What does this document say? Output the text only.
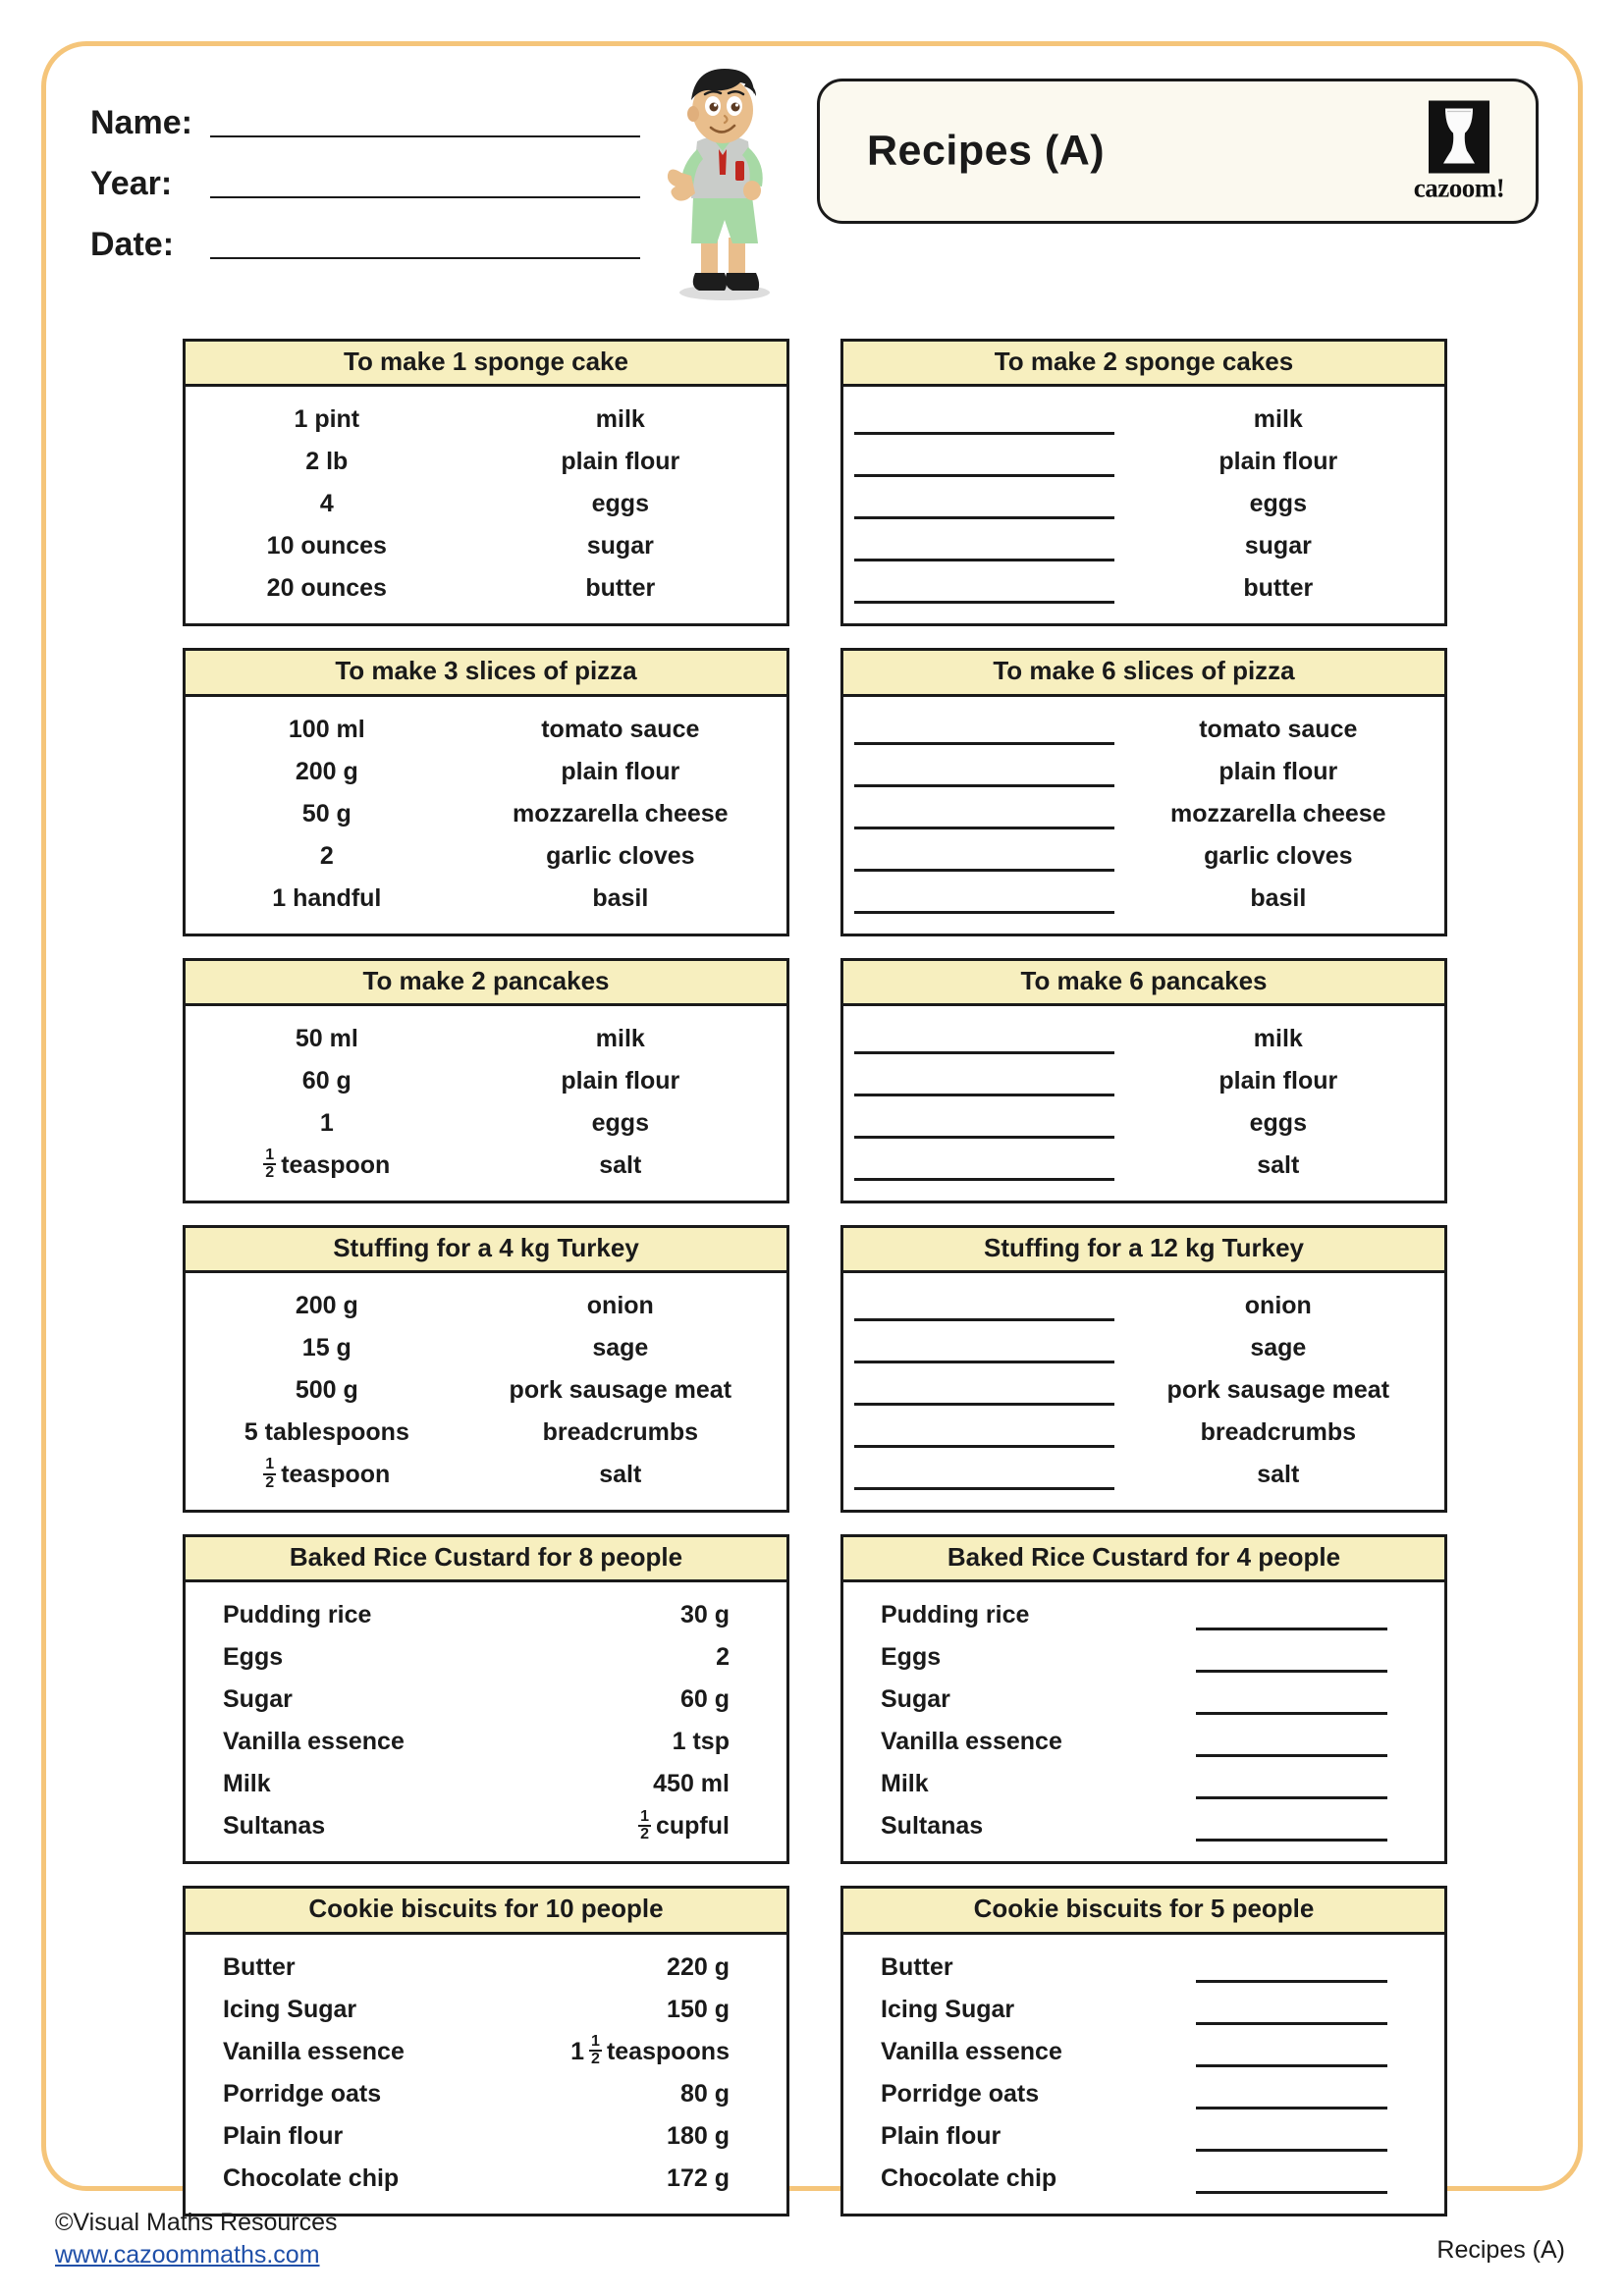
Name:
Year:
Date:
Recipes (A)
cazoom!
To make 1 sponge cake
1 pint	milk
2 lb	plain flour
4	eggs
10 ounces	sugar
20 ounces	butter
To make 2 sponge cakes
milk
plain flour
eggs
sugar
butter
To make 3 slices of pizza
100 ml	tomato sauce
200 g	plain flour
50 g	mozzarella cheese
2	garlic cloves
1 handful	basil
To make 6 slices of pizza
tomato sauce
plain flour
mozzarella cheese
garlic cloves
basil
To make 2 pancakes
50 ml	milk
60 g	plain flour
1	eggs
$\frac{1}{2}$ teaspoon	salt
To make 6 pancakes
milk
plain flour
eggs
salt
Stuffing for a 4 kg Turkey
200 g	onion
15 g	sage
500 g	pork sausage meat
5 tablespoons	breadcrumbs
$\frac{1}{2}$ teaspoon	salt
Stuffing for a 12 kg Turkey
onion
sage
pork sausage meat
breadcrumbs
salt
Baked Rice Custard for 8 people
Pudding rice	30 g
Eggs	2
Sugar	60 g
Vanilla essence	1 tsp
Milk	450 ml
Sultanas	$\frac{1}{2}$ cupful
Baked Rice Custard for 4 people
Pudding rice
Eggs
Sugar
Vanilla essence
Milk
Sultanas
Cookie biscuits for 10 people
Butter	220 g
Icing Sugar	150 g
Vanilla essence	$1 \frac{1}{2}$ teaspoons
Porridge oats	80 g
Plain flour	180 g
Chocolate chip	172 g
Cookie biscuits for 5 people
Butter
Icing Sugar
Vanilla essence
Porridge oats
Plain flour
Chocolate chip
©Visual Maths Resources
www.cazoommaths.com	Recipes (A)
